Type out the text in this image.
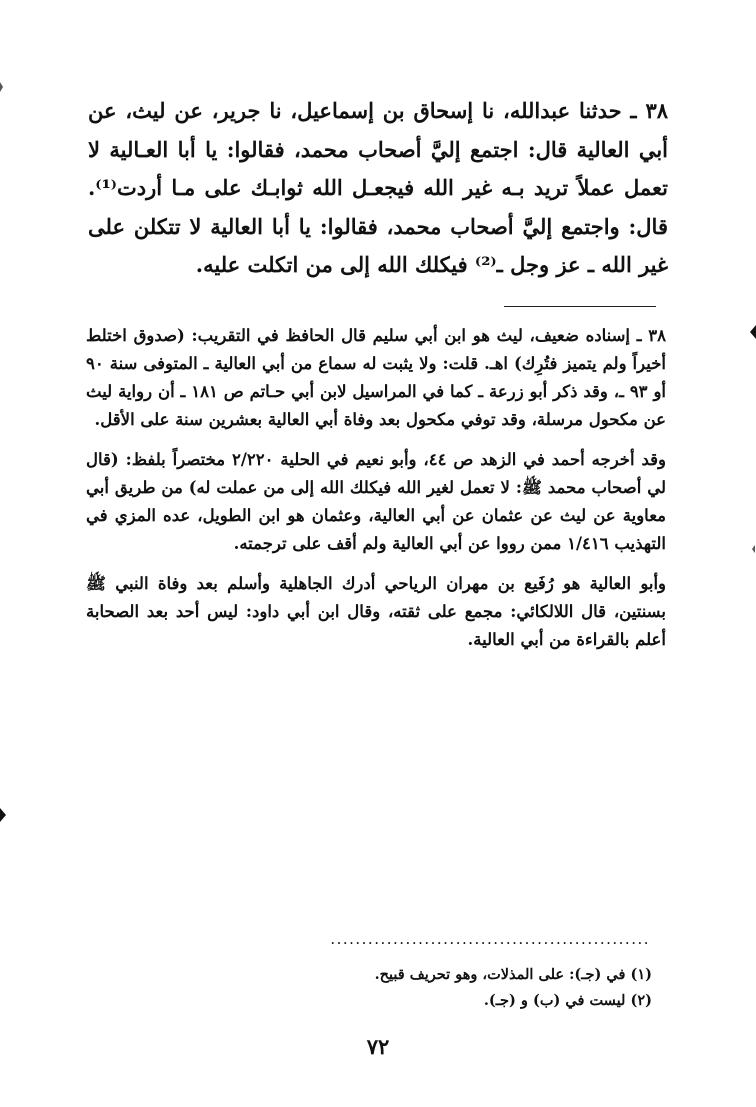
٣٨ ـ حدثنا عبدالله، نا إسحاق بن إسماعيل، نا جرير، عن ليث، عن أبي العالية قال: اجتمع إليَّ أصحاب محمد، فقالوا: يا أبا العـالية لا تعمل عملاً تريد بـه غير الله فيجعـل الله ثوابـك على مـا أردت⁽¹⁾. قال: واجتمع إليَّ أصحاب محمد، فقالوا: يا أبا العالية لا تتكلن على غير الله ـ عز وجل ـ⁽²⁾ فيكلك الله إلى من اتكلت عليه.

٣٨ ـ إسناده ضعيف، ليث هو ابن أبي سليم قال الحافظ في التقريب: (صدوق اختلط أخيراً ولم يتميز فتُرِك) اهـ. قلت: ولا يثبت له سماع من أبي العالية ـ المتوفى سنة ٩٠ أو ٩٣ ـ، وقد ذكر أبو زرعة ـ كما في المراسيل لابن أبي حـاتم ص ١٨١ ـ أن رواية ليث عن مكحول مرسلة، وقد توفي مكحول بعد وفاة أبي العالية بعشرين سنة على الأقل.

وقد أخرجه أحمد في الزهد ص ٤٤، وأبو نعيم في الحلية ٢/٢٢٠ مختصراً بلفظ: (قال لي أصحاب محمد ﷺ: لا تعمل لغير الله فيكلك الله إلى من عملت له) من طريق أبي معاوية عن ليث عن عثمان عن أبي العالية، وعثمان هو ابن الطويل، عده المزي في التهذيب ١/٤١٦ ممن رووا عن أبي العالية ولم أقف على ترجمته.

وأبو العالية هو رُفَيع بن مهران الرياحي أدرك الجاهلية وأسلم بعد وفاة النبي ﷺ بسنتين، قال اللالكائي: مجمع على ثقته، وقال ابن أبي داود: ليس أحد بعد الصحابة أعلم بالقراءة من أبي العالية.

...................................................
(١) في (جـ): على المذلات، وهو تحريف قبيح.
(٢) ليست في (ب) و (جـ).
٧٢
